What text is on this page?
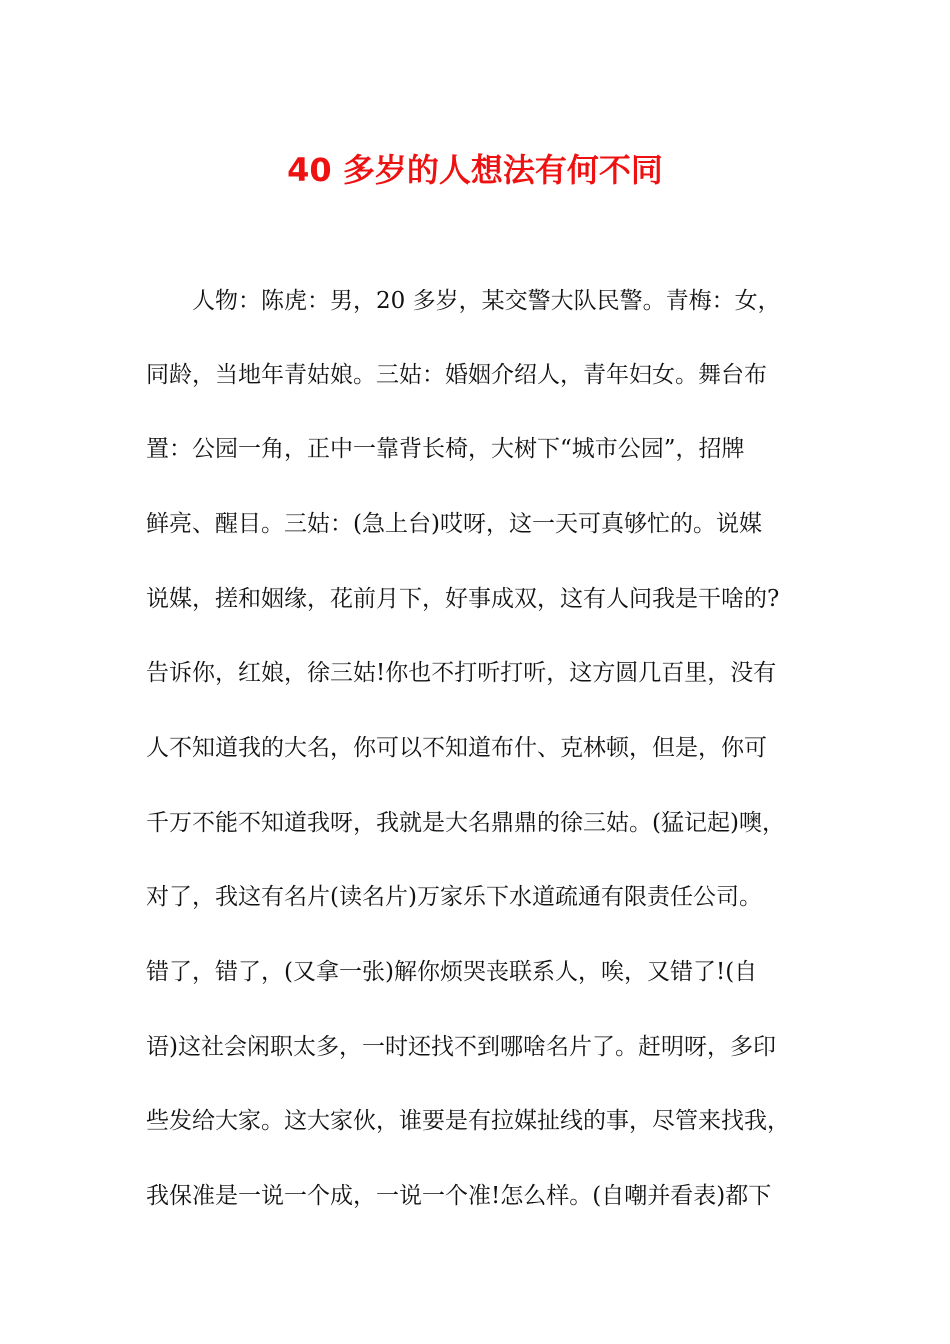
40 多岁的人想法有何不同
人物：陈虎：男，20 多岁，某交警大队民警。青梅：女，
同龄，当地年青姑娘。三姑：婚姻介绍人，青年妇女。舞台布
置：公园一角，正中一靠背长椅，大树下“城市公园”，招牌
鲜亮、醒目。三姑：(急上台)哎呀，这一天可真够忙的。说媒
说媒，搓和姻缘，花前月下，好事成双，这有人问我是干啥的?
告诉你，红娘，徐三姑!你也不打听打听，这方圆几百里，没有
人不知道我的大名，你可以不知道布什、克林顿，但是，你可
千万不能不知道我呀，我就是大名鼎鼎的徐三姑。(猛记起)噢，
对了，我这有名片(读名片)万家乐下水道疏通有限责任公司。
错了，错了，(又拿一张)解你烦哭丧联系人，唉，又错了!(自
语)这社会闲职太多，一时还找不到哪啥名片了。赶明呀，多印
些发给大家。这大家伙，谁要是有拉媒扯线的事，尽管来找我，
我保准是一说一个成，一说一个准!怎么样。(自嘲并看表)都下
